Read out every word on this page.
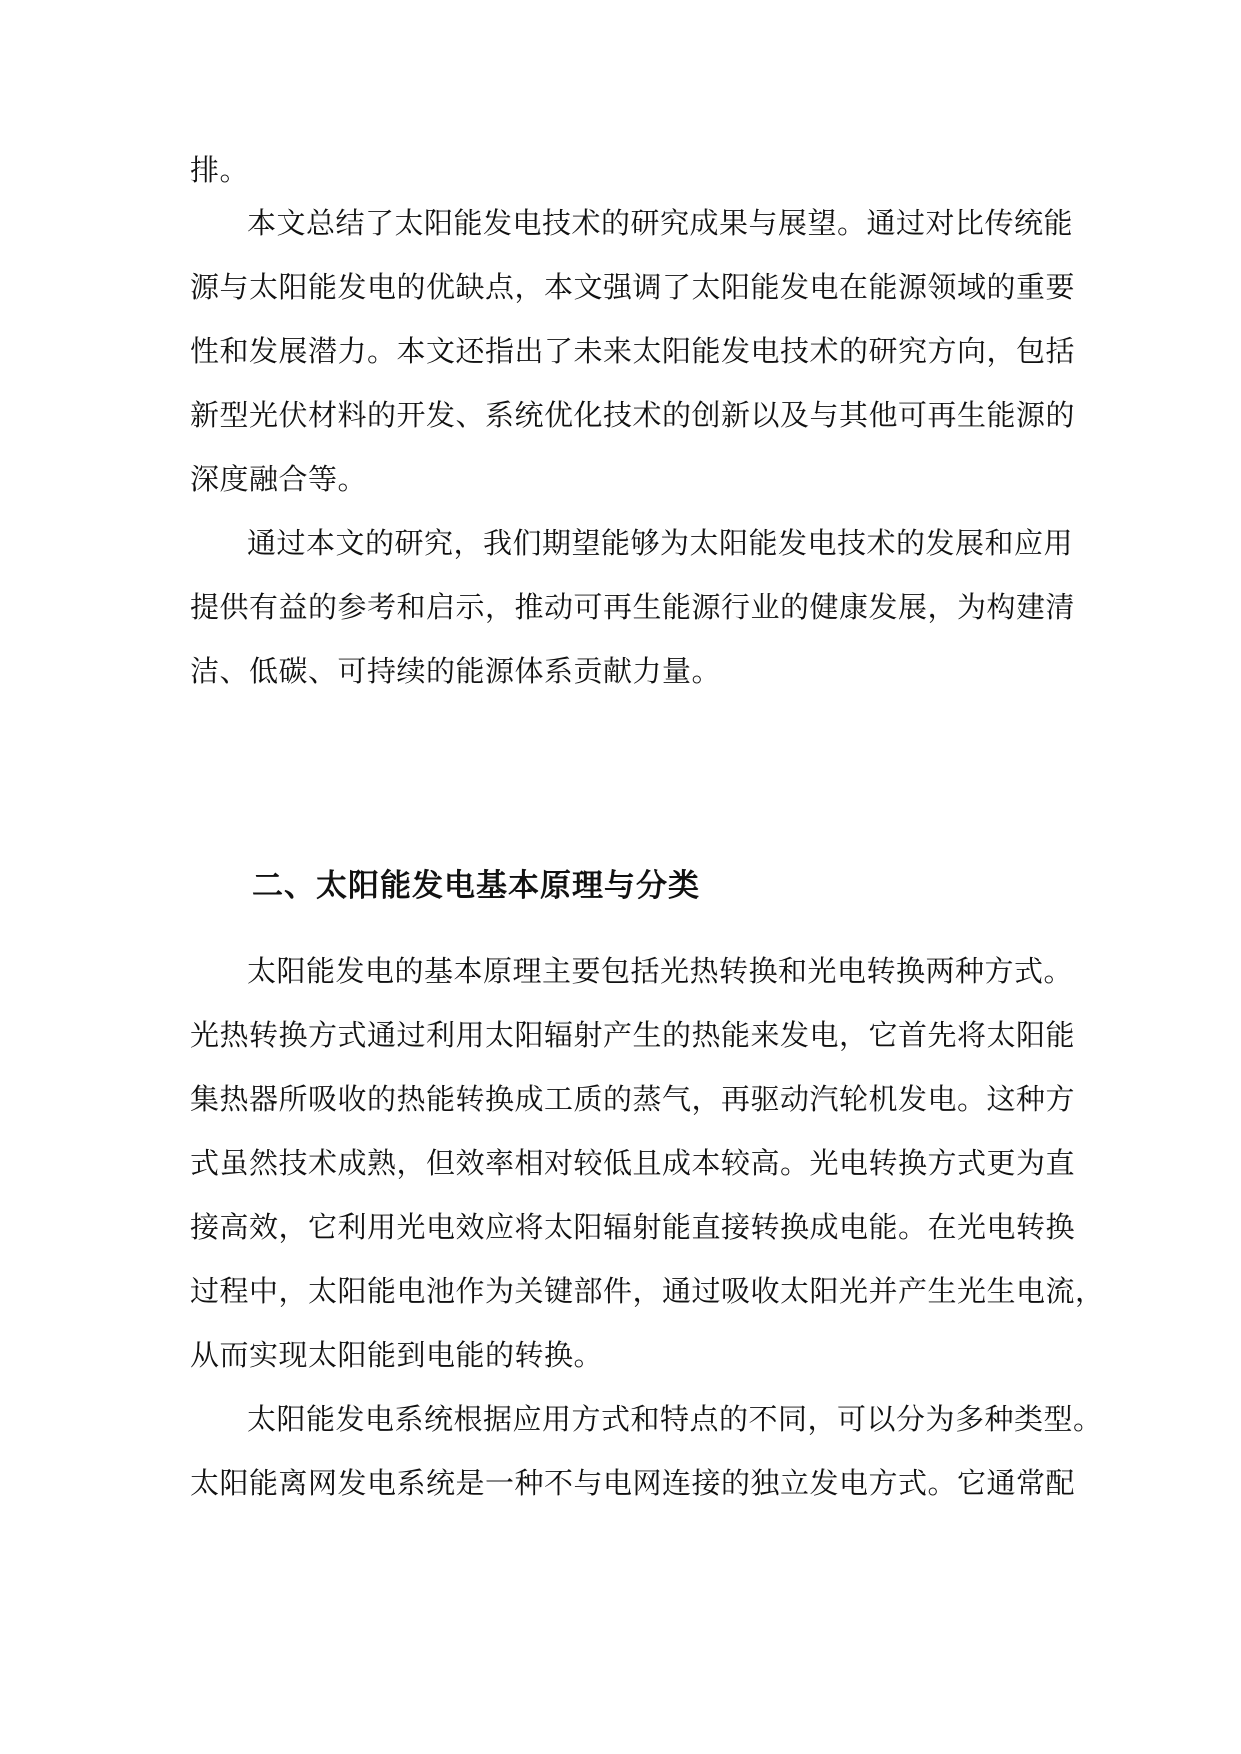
排。
本文总结了太阳能发电技术的研究成果与展望。通过对比传统能
源与太阳能发电的优缺点，本文强调了太阳能发电在能源领域的重要
性和发展潜力。本文还指出了未来太阳能发电技术的研究方向，包括
新型光伏材料的开发、系统优化技术的创新以及与其他可再生能源的
深度融合等。
通过本文的研究，我们期望能够为太阳能发电技术的发展和应用
提供有益的参考和启示，推动可再生能源行业的健康发展，为构建清
洁、低碳、可持续的能源体系贡献力量。
二、太阳能发电基本原理与分类
太阳能发电的基本原理主要包括光热转换和光电转换两种方式。
光热转换方式通过利用太阳辐射产生的热能来发电，它首先将太阳能
集热器所吸收的热能转换成工质的蒸气，再驱动汽轮机发电。这种方
式虽然技术成熟，但效率相对较低且成本较高。光电转换方式更为直
接高效，它利用光电效应将太阳辐射能直接转换成电能。在光电转换
过程中，太阳能电池作为关键部件，通过吸收太阳光并产生光生电流，
从而实现太阳能到电能的转换。
太阳能发电系统根据应用方式和特点的不同，可以分为多种类型。
太阳能离网发电系统是一种不与电网连接的独立发电方式。它通常配
